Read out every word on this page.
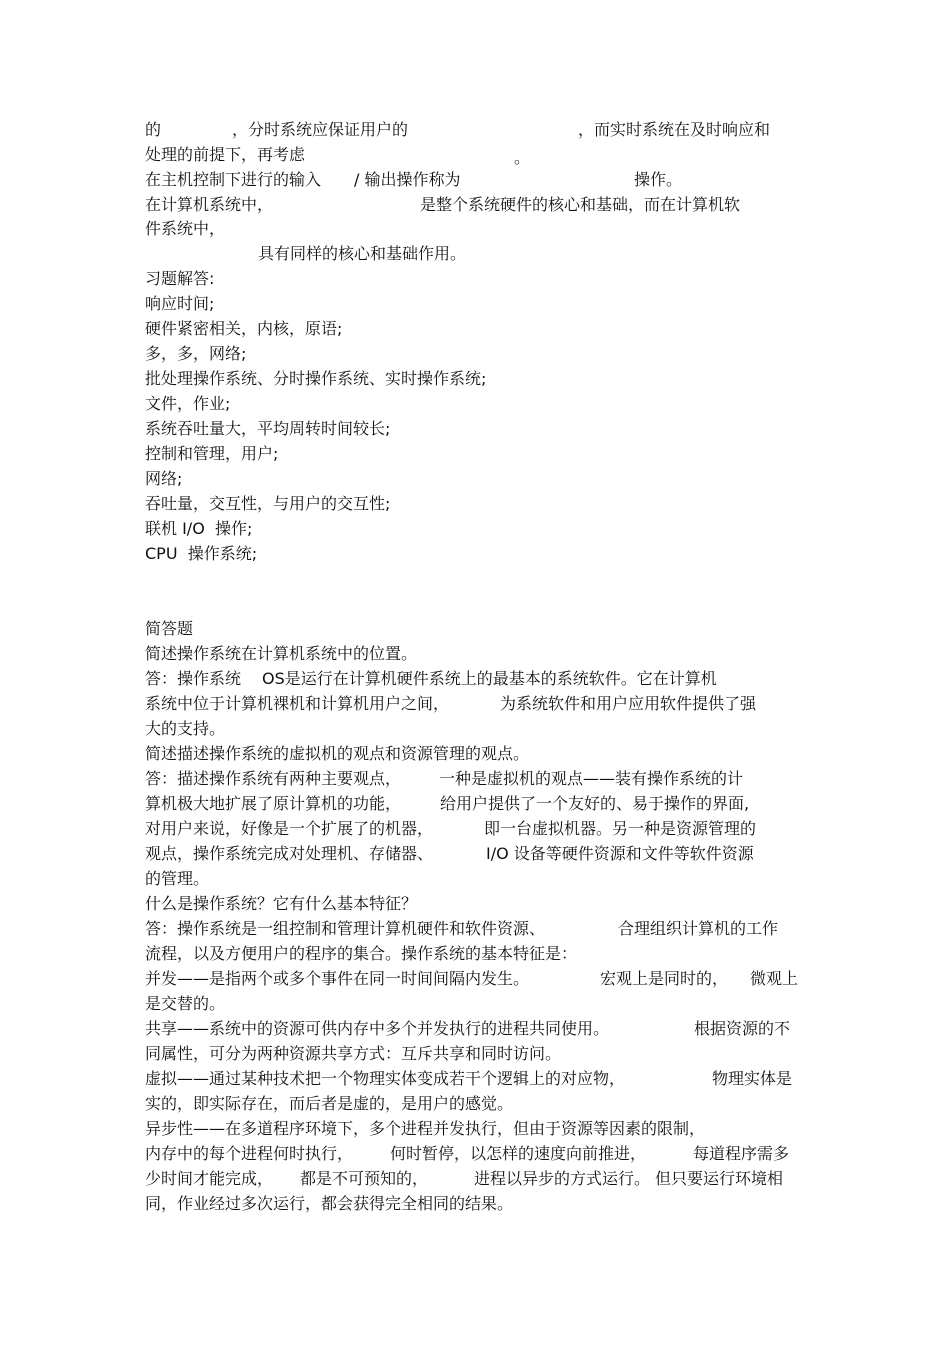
的	，分时系统应保证用户的	，而实时系统在及时响应和
处理的前提下，再考虑	。
在主机控制下进行的输入 / 输出操作称为	操作。
在计算机系统中，	是整个系统硬件的核心和基础，而在计算机软
件系统中，
具有同样的核心和基础作用。
习题解答:
响应时间;
硬件紧密相关，内核，原语;
多，多，网络;
批处理操作系统、分时操作系统、实时操作系统;
文件，作业;
系统吞吐量大，平均周转时间较长;
控制和管理，用户;
网络;
吞吐量，交互性，与用户的交互性;
联机 I/O  操作;
CPU  操作系统;
简答题
简述操作系统在计算机系统中的位置。
答：操作系统 OS是运行在计算机硬件系统上的最基本的系统软件。它在计算机
系统中位于计算机裸机和计算机用户之间，	为系统软件和用户应用软件提供了强
大的支持。
简述描述操作系统的虚拟机的观点和资源管理的观点。
答：描述操作系统有两种主要观点， 一种是虚拟机的观点——装有操作系统的计
算机极大地扩展了原计算机的功能， 给用户提供了一个友好的、易于操作的界面,
对用户来说，好像是一个扩展了的机器，	即一台虚拟机器。另一种是资源管理的
观点，操作系统完成对处理机、存储器、	I/O 设备等硬件资源和文件等软件资源
的管理。
什么是操作系统？它有什么基本特征？
答：操作系统是一组控制和管理计算机硬件和软件资源、	合理组织计算机的工作
流程，以及方便用户的程序的集合。操作系统的基本特征是：
并发——是指两个或多个事件在同一时间间隔内发生。	宏观上是同时的， 微观上
是交替的。
共享——系统中的资源可供内存中多个并发执行的进程共同使用。	根据资源的不
同属性，可分为两种资源共享方式：互斥共享和同时访问。
虚拟——通过某种技术把一个物理实体变成若干个逻辑上的对应物，	物理实体是
实的，即实际存在，而后者是虚的，是用户的感觉。
异步性——在多道程序环境下，多个进程并发执行，但由于资源等因素的限制，
内存中的每个进程何时执行， 何时暂停，以怎样的速度向前推进，	每道程序需多
少时间才能完成， 都是不可预知的，	进程以异步的方式运行。 但只要运行环境相
同，作业经过多次运行，都会获得完全相同的结果。
